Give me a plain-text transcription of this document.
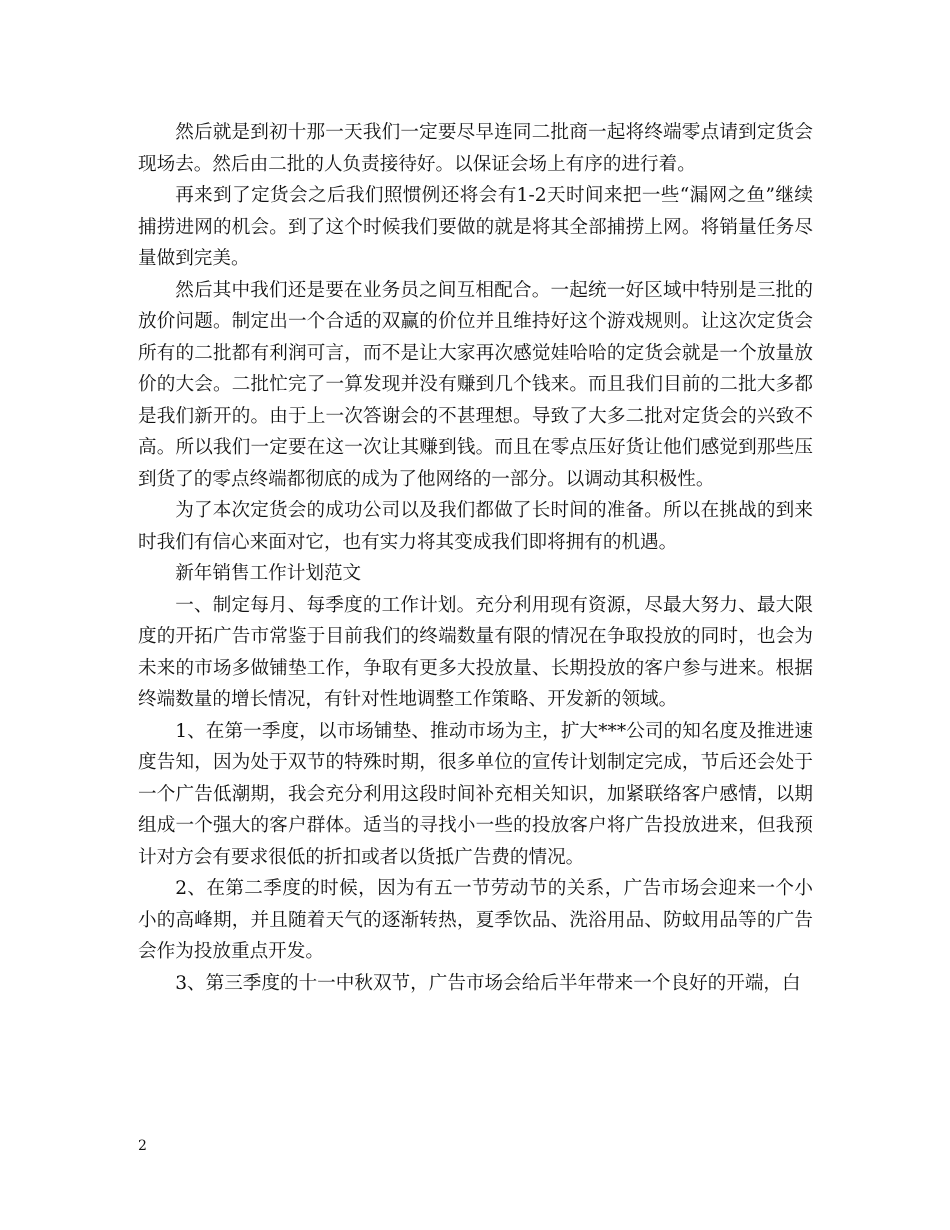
然后就是到初十那一天我们一定要尽早连同二批商一起将终端零点请到定货会现场去。然后由二批的人负责接待好。以保证会场上有序的进行着。

再来到了定货会之后我们照惯例还将会有1-2天时间来把一些“漏网之鱼”继续捕捞进网的机会。到了这个时候我们要做的就是将其全部捕捞上网。将销量任务尽量做到完美。

然后其中我们还是要在业务员之间互相配合。一起统一好区域中特别是三批的放价问题。制定出一个合适的双赢的价位并且维持好这个游戏规则。让这次定货会所有的二批都有利润可言，而不是让大家再次感觉娃哈哈的定货会就是一个放量放价的大会。二批忙完了一算发现并没有赚到几个钱来。而且我们目前的二批大多都是我们新开的。由于上一次答谢会的不甚理想。导致了大多二批对定货会的兴致不高。所以我们一定要在这一次让其赚到钱。而且在零点压好货让他们感觉到那些压到货了的零点终端都彻底的成为了他网络的一部分。以调动其积极性。

为了本次定货会的成功公司以及我们都做了长时间的准备。所以在挑战的到来时我们有信心来面对它，也有实力将其变成我们即将拥有的机遇。

新年销售工作计划范文

一、制定每月、每季度的工作计划。充分利用现有资源，尽最大努力、最大限度的开拓广告市常鉴于目前我们的终端数量有限的情况在争取投放的同时，也会为未来的市场多做铺垫工作，争取有更多大投放量、长期投放的客户参与进来。根据终端数量的增长情况，有针对性地调整工作策略、开发新的领域。

1、在第一季度，以市场铺垫、推动市场为主，扩大***公司的知名度及推进速度告知，因为处于双节的特殊时期，很多单位的宣传计划制定完成，节后还会处于一个广告低潮期，我会充分利用这段时间补充相关知识，加紧联络客户感情，以期组成一个强大的客户群体。适当的寻找小一些的投放客户将广告投放进来，但我预计对方会有要求很低的折扣或者以货抵广告费的情况。

2、在第二季度的时候，因为有五一节劳动节的关系，广告市场会迎来一个小小的高峰期，并且随着天气的逐渐转热，夏季饮品、洗浴用品、防蚊用品等的广告会作为投放重点开发。

3、第三季度的十一中秋双节，广告市场会给后半年带来一个良好的开端，白

2
